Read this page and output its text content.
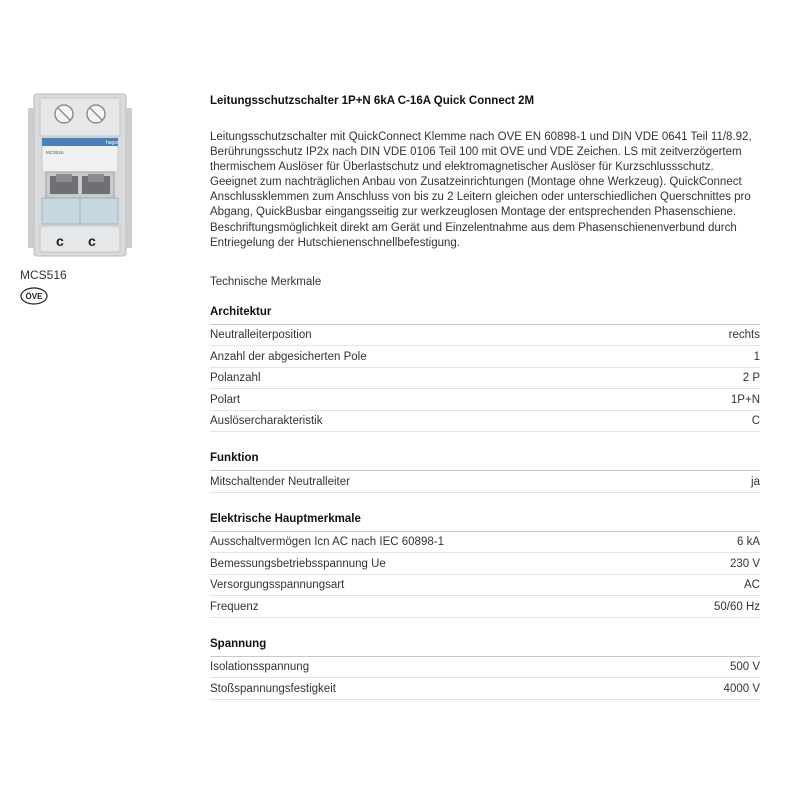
hager
MCS516
c c
MCS516
ÖVE
Leitungsschutzschalter 1P+N 6kA C-16A Quick Connect 2M
Leitungsschutzschalter mit QuickConnect Klemme nach OVE EN 60898-1 und DIN VDE 0641 Teil 11/8.92,
Berührungsschutz IP2x nach DIN VDE 0106 Teil 100 mit OVE und VDE Zeichen. LS mit zeitverzögertem
thermischem Auslöser für Überlastschutz und elektromagnetischer Auslöser für Kurzschlussschutz.
Geeignet zum nachträglichen Anbau von Zusatzeinrichtungen (Montage ohne Werkzeug). QuickConnect
Anschlussklemmen zum Anschluss von bis zu 2 Leitern gleichen oder unterschiedlichen Querschnittes pro
Abgang, QuickBusbar eingangsseitig zur werkzeuglosen Montage der entsprechenden Phasenschiene.
Beschriftungsmöglichkeit direkt am Gerät und Einzelentnahme aus dem Phasenschienenverbund durch
Entriegelung der Hutschienenschnellbefestigung.
Technische Merkmale
Architektur
Neutralleiterposition	rechts
Anzahl der abgesicherten Pole	1
Polanzahl	2 P
Polart	1P+N
Auslösercharakteristik	C
Funktion
Mitschaltender Neutralleiter	ja
Elektrische Hauptmerkmale
Ausschaltvermögen Icn AC nach IEC 60898-1	6 kA
Bemessungsbetriebsspannung Ue	230 V
Versorgungsspannungsart	AC
Frequenz	50/60 Hz
Spannung
Isolationsspannung	500 V
Stoßspannungsfestigkeit	4000 V
